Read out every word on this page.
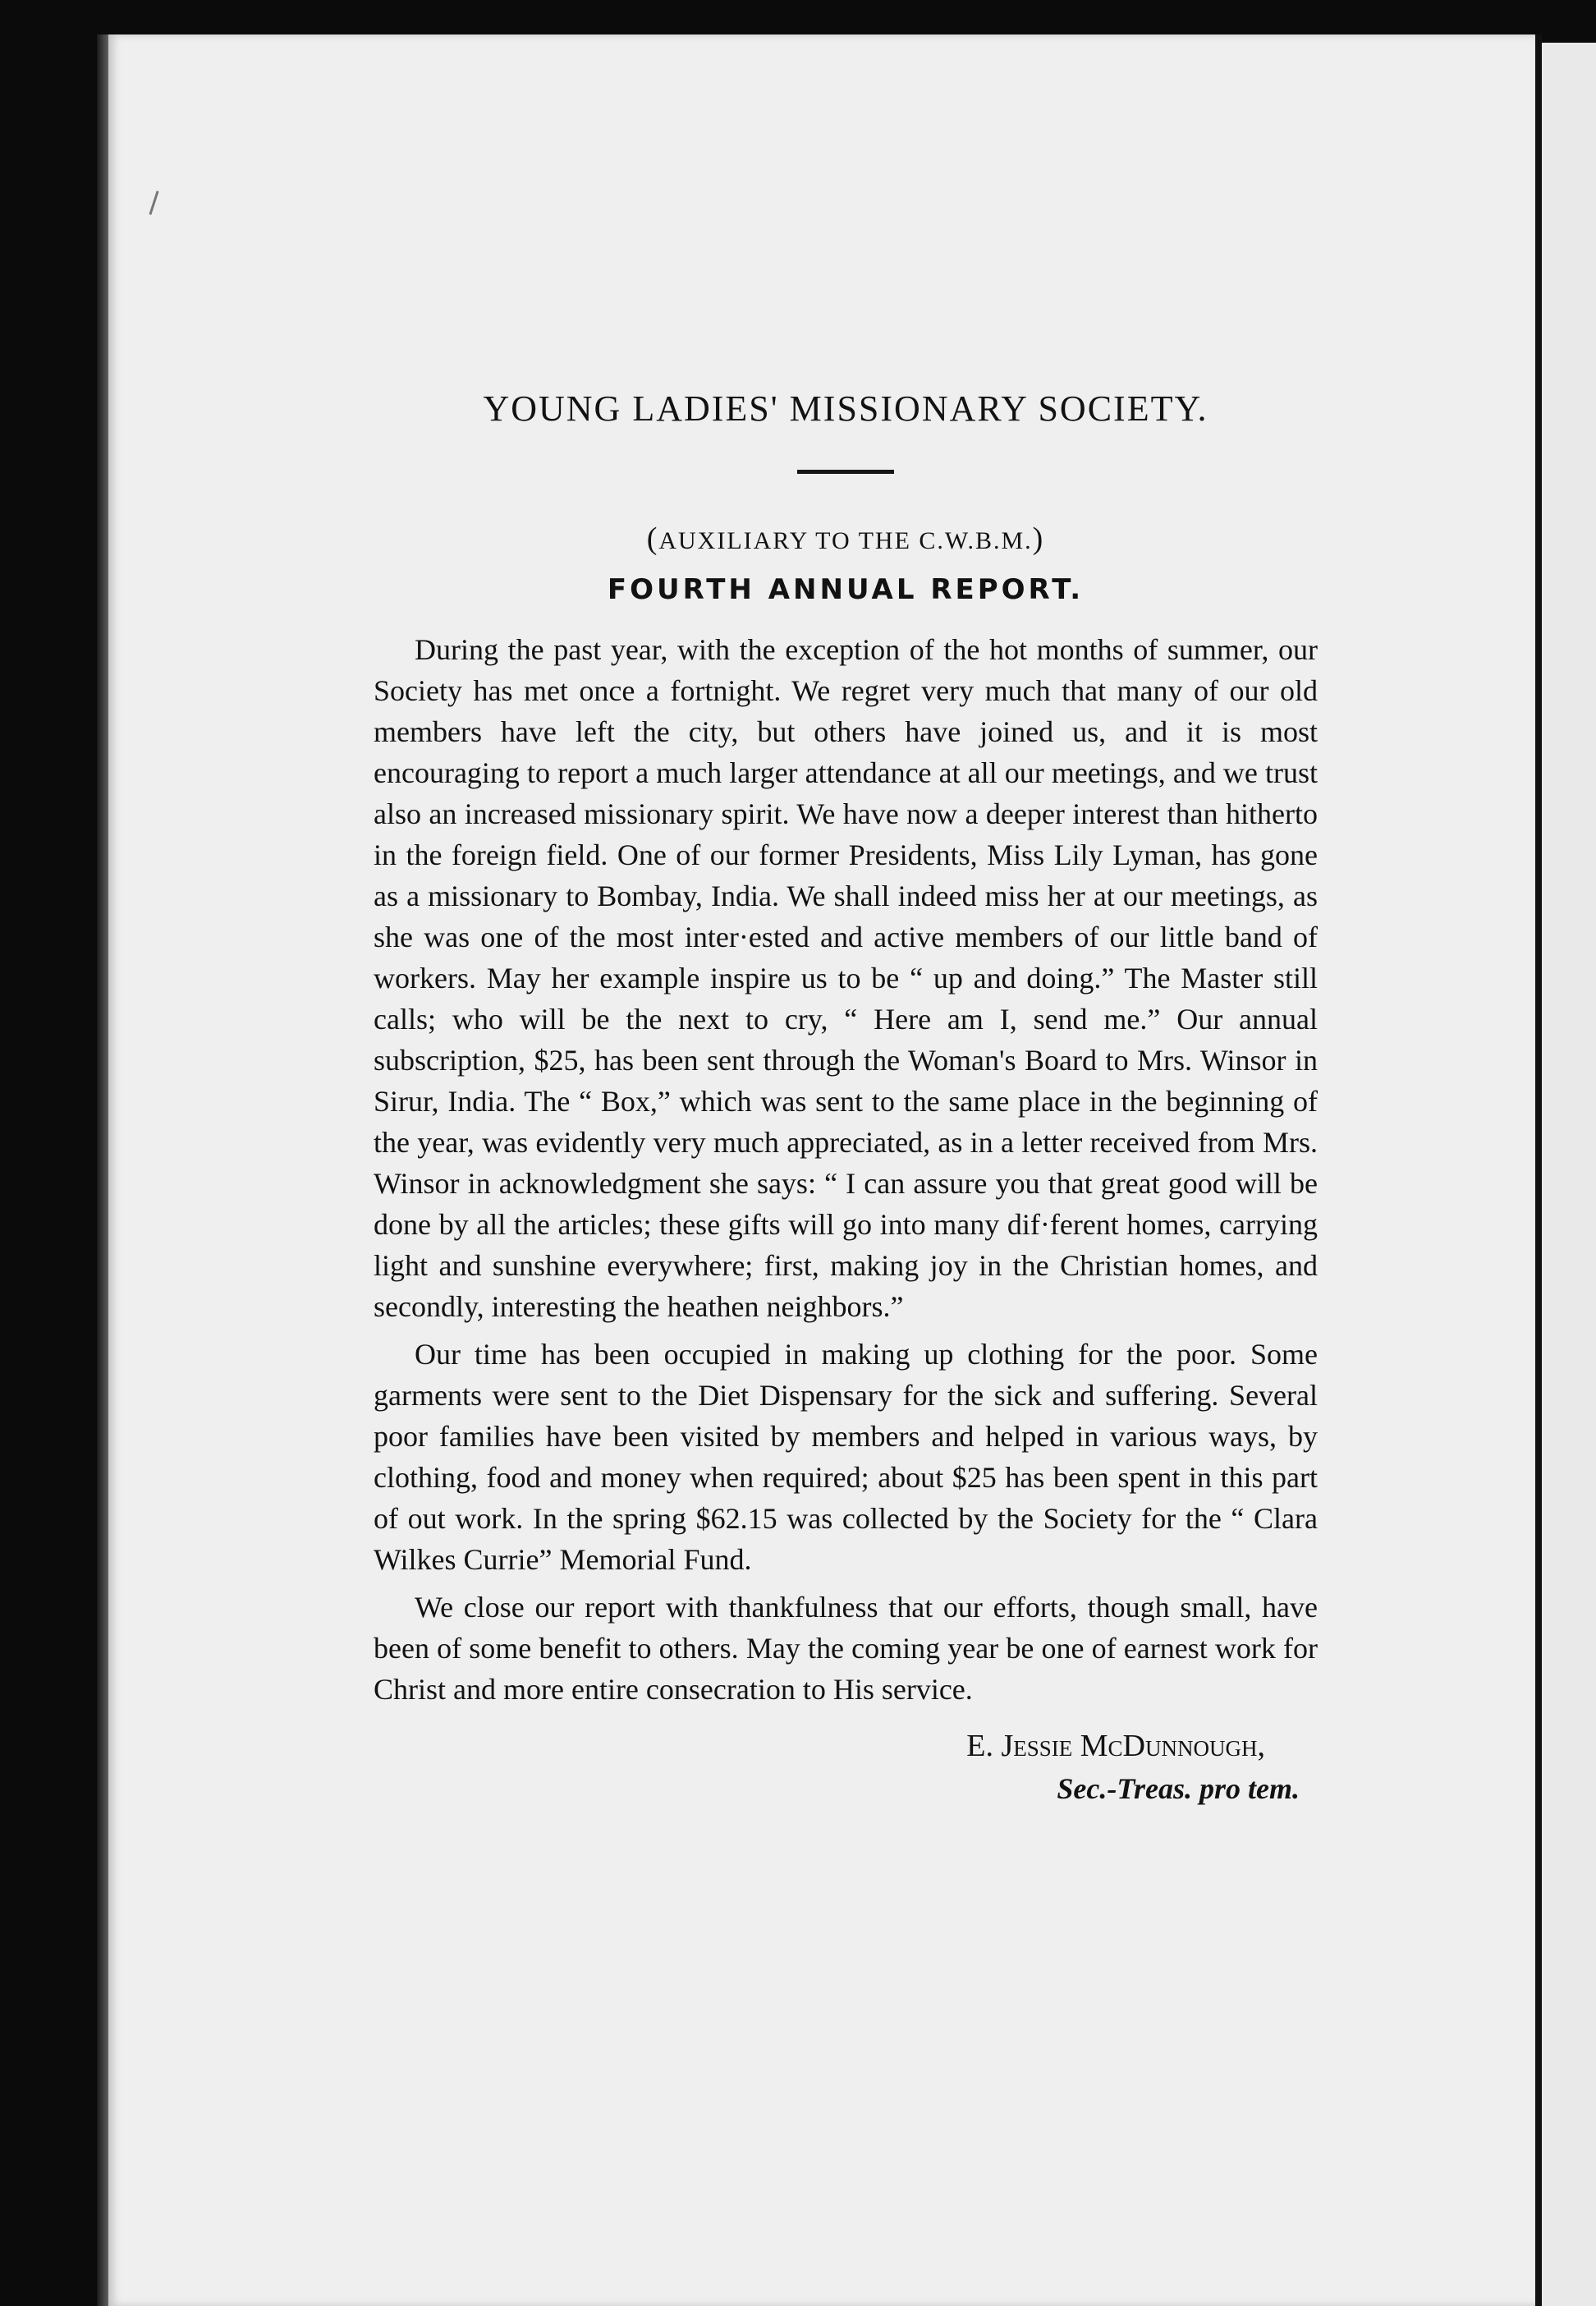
YOUNG LADIES' MISSIONARY SOCIETY.
(AUXILIARY TO THE C.W.B.M.)
FOURTH ANNUAL REPORT.

During the past year, with the exception of the hot months of summer, our Society has met once a fortnight. We regret very much that many of our old members have left the city, but others have joined us, and it is most encouraging to report a much larger attendance at all our meetings, and we trust also an increased missionary spirit. We have now a deeper interest than hitherto in the foreign field. One of our former Presidents, Miss Lily Lyman, has gone as a missionary to Bombay, India. We shall indeed miss her at our meetings, as she was one of the most inter·ested and active members of our little band of workers. May her example inspire us to be “ up and doing.” The Master still calls; who will be the next to cry, “ Here am I, send me.” Our annual subscription, $25, has been sent through the Woman's Board to Mrs. Winsor in Sirur, India. The “ Box,” which was sent to the same place in the beginning of the year, was evidently very much appreciated, as in a letter received from Mrs. Winsor in acknowledgment she says: “ I can assure you that great good will be done by all the articles; these gifts will go into many dif·ferent homes, carrying light and sunshine everywhere; first, making joy in the Christian homes, and secondly, interesting the heathen neighbors.”

Our time has been occupied in making up clothing for the poor. Some garments were sent to the Diet Dispensary for the sick and suffering. Several poor families have been visited by members and helped in various ways, by clothing, food and money when required; about $25 has been spent in this part of out work. In the spring $62.15 was collected by the Society for the “ Clara Wilkes Currie” Memorial Fund.

We close our report with thankfulness that our efforts, though small, have been of some benefit to others. May the coming year be one of earnest work for Christ and more entire consecration to His service.

E. Jessie McDunnough,
Sec.-Treas. pro tem.
